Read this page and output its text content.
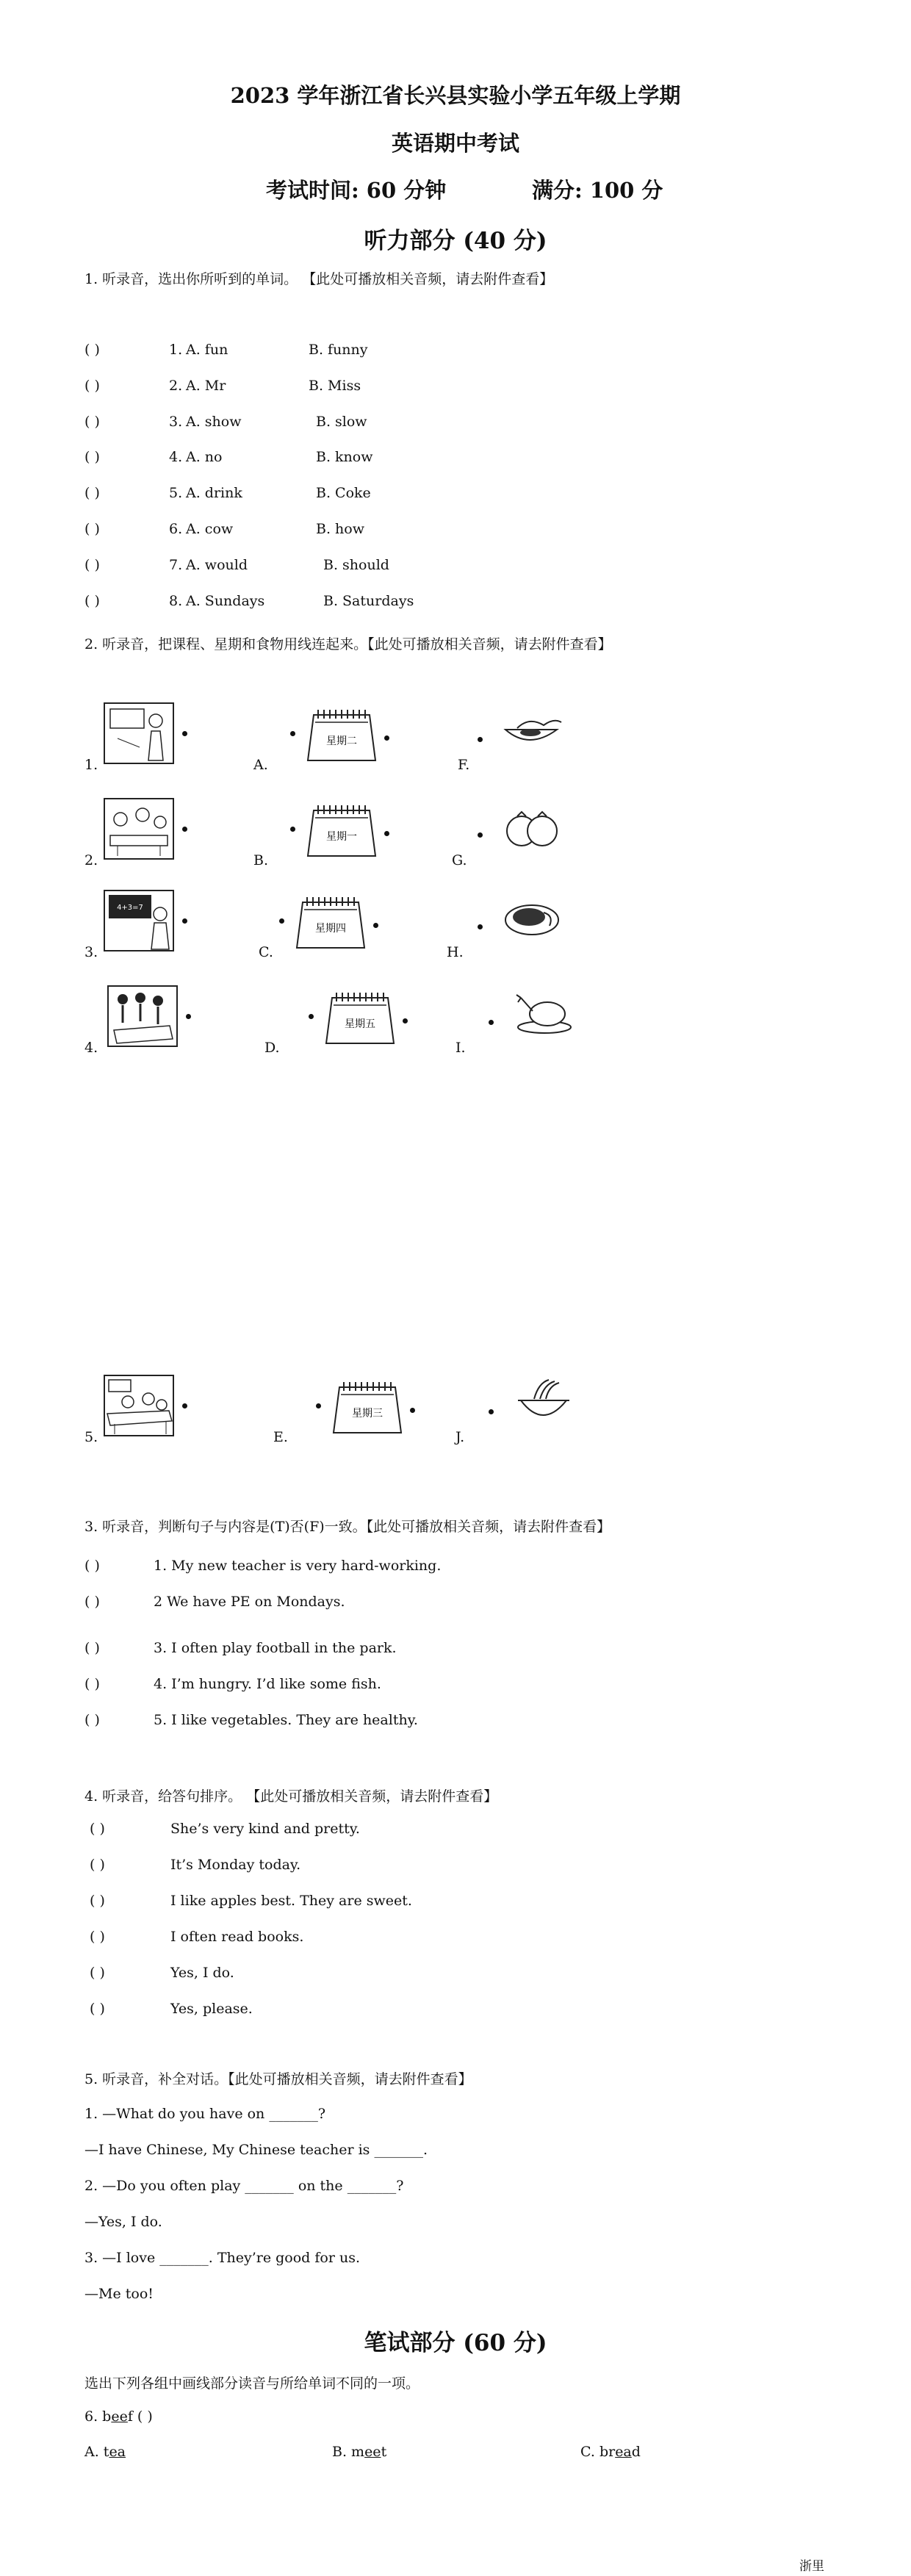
2023 学年浙江省长兴县实验小学五年级上学期
英语期中考试
考试时间: 60 分钟	满分: 100 分
听力部分 (40 分)
1. 听录音，选出你所听到的单词。 【此处可播放相关音频，请去附件查看】
( )	1. A. fun	B. funny
( )	2. A. Mr	B. Miss
( )	3. A. show	B. slow
( )	4. A. no	B. know
( )	5. A. drink	B. Coke
( )	6. A. cow	B. how
( )	7. A. would	B. should
( )	8. A. Sundays	B. Saturdays
2. 听录音，把课程、星期和食物用线连起来。【此处可播放相关音频，请去附件查看】
1.	A.
星期二
F.
2.	B.
星期一
G.
3.
4+3=7
C.
星期四
H.
4.	D.
星期五
I.
5.	E.
星期三
J.
3. 听录音，判断句子与内容是(T)否(F)一致。【此处可播放相关音频，请去附件查看】
( )	1. My new teacher is very hard-working.
( )	2 We have PE on Mondays.
( )	3. I often play football in the park.
( )	4. I’m hungry. I’d like some fish.
( )	5. I like vegetables. They are healthy.
4. 听录音，给答句排序。 【此处可播放相关音频，请去附件查看】
( )	She’s very kind and pretty.
( )	It’s Monday today.
( )	I like apples best. They are sweet.
( )	I often read books.
( )	Yes, I do.
( )	Yes, please.
5. 听录音，补全对话。【此处可播放相关音频，请去附件查看】
1. —What do you have on _______?
—I have Chinese, My Chinese teacher is _______.
2. —Do you often play _______ on the _______?
—Yes, I do.
3. —I love _______. They’re good for us.
—Me too!
笔试部分 (60 分)
选出下列各组中画线部分读音与所给单词不同的一项。
6. beef ( )
A. tea	B. meet	C. bread
浙里
